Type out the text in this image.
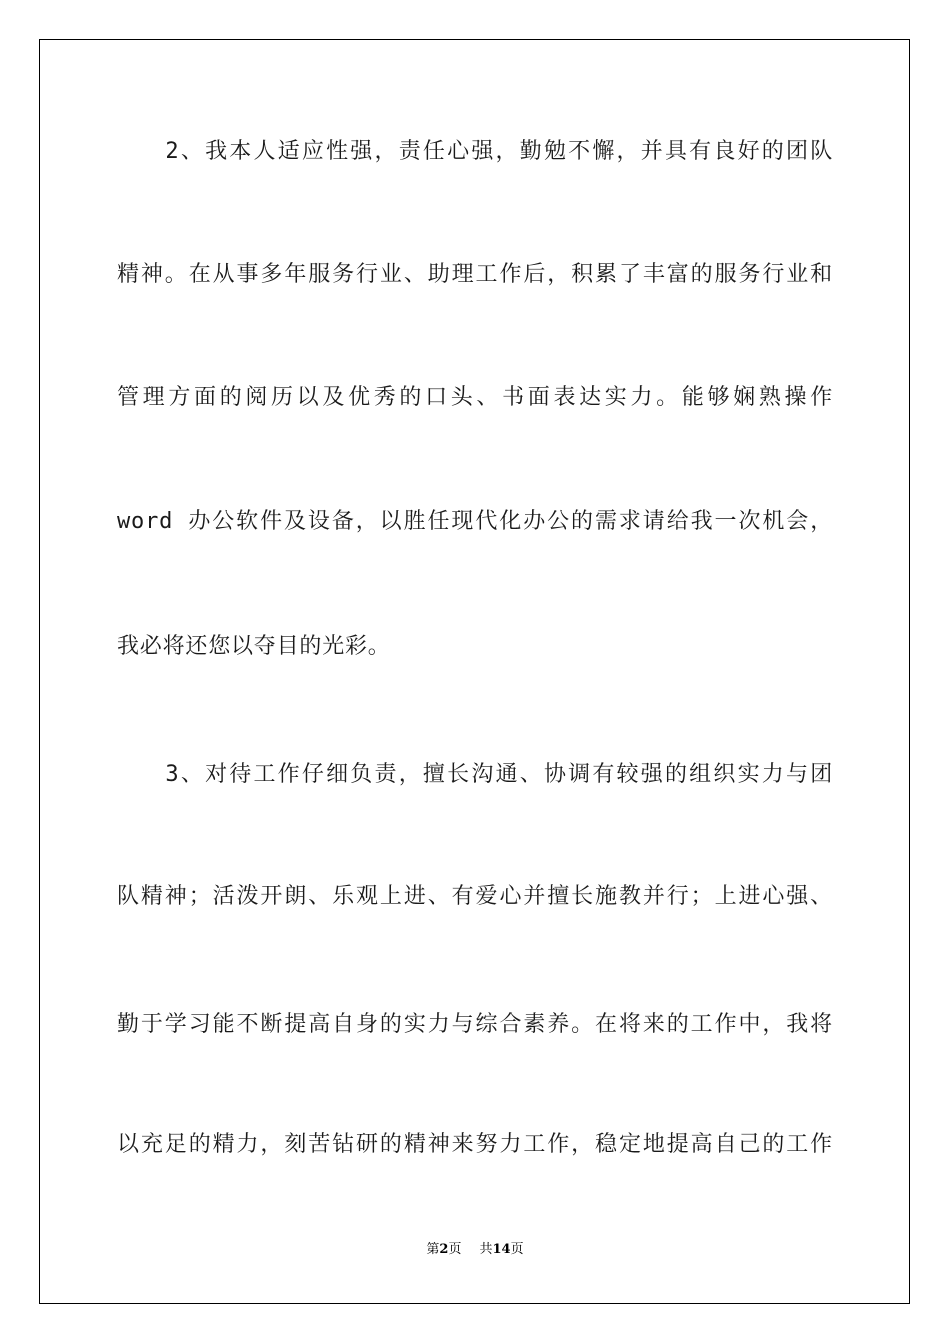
　　2、我本人适应性强，责任心强，勤勉不懈，并具有良好的团队
精神。在从事多年服务行业、助理工作后，积累了丰富的服务行业和
管理方面的阅历以及优秀的口头、书面表达实力。能够娴熟操作
word 办公软件及设备，以胜任现代化办公的需求请给我一次机会，
我必将还您以夺目的光彩。
　　3、对待工作仔细负责，擅长沟通、协调有较强的组织实力与团
队精神；活泼开朗、乐观上进、有爱心并擅长施教并行；上进心强、
勤于学习能不断提高自身的实力与综合素养。在将来的工作中，我将
以充足的精力，刻苦钻研的精神来努力工作，稳定地提高自己的工作
第2页 共14页
